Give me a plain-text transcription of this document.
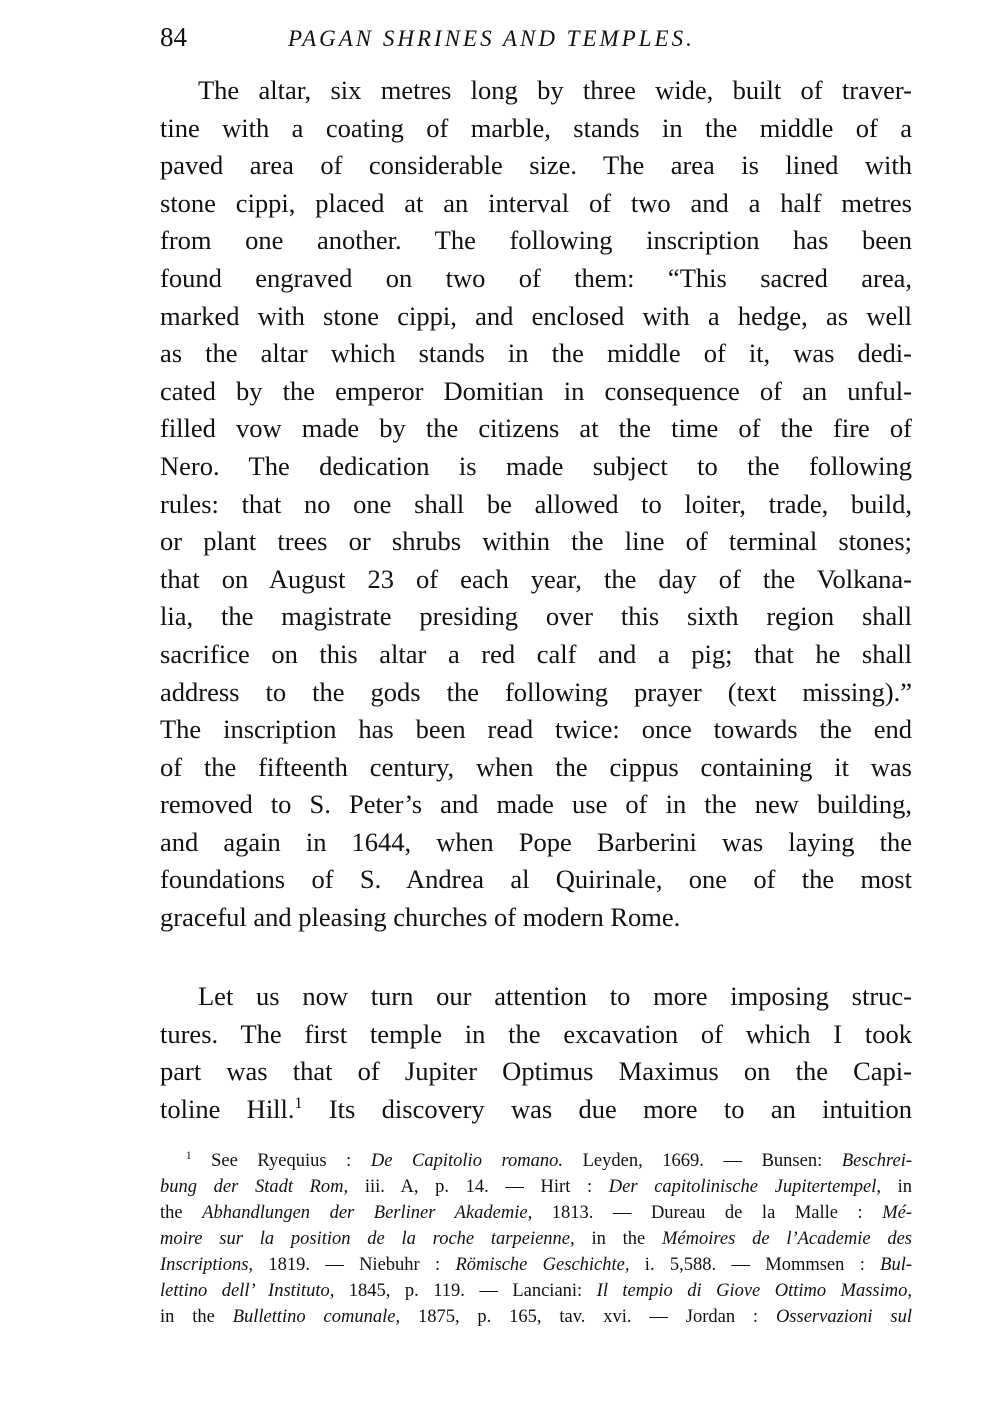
84	PAGAN SHRINES AND TEMPLES.
The altar, six metres long by three wide, built of traver-
tine with a coating of marble, stands in the middle of a
paved area of considerable size. The area is lined with
stone cippi, placed at an interval of two and a half metres
from one another. The following inscription has been
found engraved on two of them: “This sacred area,
marked with stone cippi, and enclosed with a hedge, as well
as the altar which stands in the middle of it, was dedi-
cated by the emperor Domitian in consequence of an unful-
filled vow made by the citizens at the time of the fire of
Nero. The dedication is made subject to the following
rules: that no one shall be allowed to loiter, trade, build,
or plant trees or shrubs within the line of terminal stones;
that on August 23 of each year, the day of the Volkana-
lia, the magistrate presiding over this sixth region shall
sacrifice on this altar a red calf and a pig; that he shall
address to the gods the following prayer (text missing).”
The inscription has been read twice: once towards the end
of the fifteenth century, when the cippus containing it was
removed to S. Peter’s and made use of in the new building,
and again in 1644, when Pope Barberini was laying the
foundations of S. Andrea al Quirinale, one of the most
graceful and pleasing churches of modern Rome.
Let us now turn our attention to more imposing struc-
tures. The first temple in the excavation of which I took
part was that of Jupiter Optimus Maximus on the Capi-
toline Hill.$^1$ Its discovery was due more to an intuition
$^1$ See Ryequius : De Capitolio romano. Leyden, 1669. — Bunsen: Beschrei-
bung der Stadt Rom, iii. A, p. 14. — Hirt : Der capitolinische Jupitertempel, in
the Abhandlungen der Berliner Akademie, 1813. — Dureau de la Malle : Mé-
moire sur la position de la roche tarpeienne, in the Mémoires de l’Academie des
Inscriptions, 1819. — Niebuhr : Römische Geschichte, i. 5,588. — Mommsen : Bul-
lettino dell’ Instituto, 1845, p. 119. — Lanciani: Il tempio di Giove Ottimo Massimo,
in the Bullettino comunale, 1875, p. 165, tav. xvi. — Jordan : Osservazioni sul
